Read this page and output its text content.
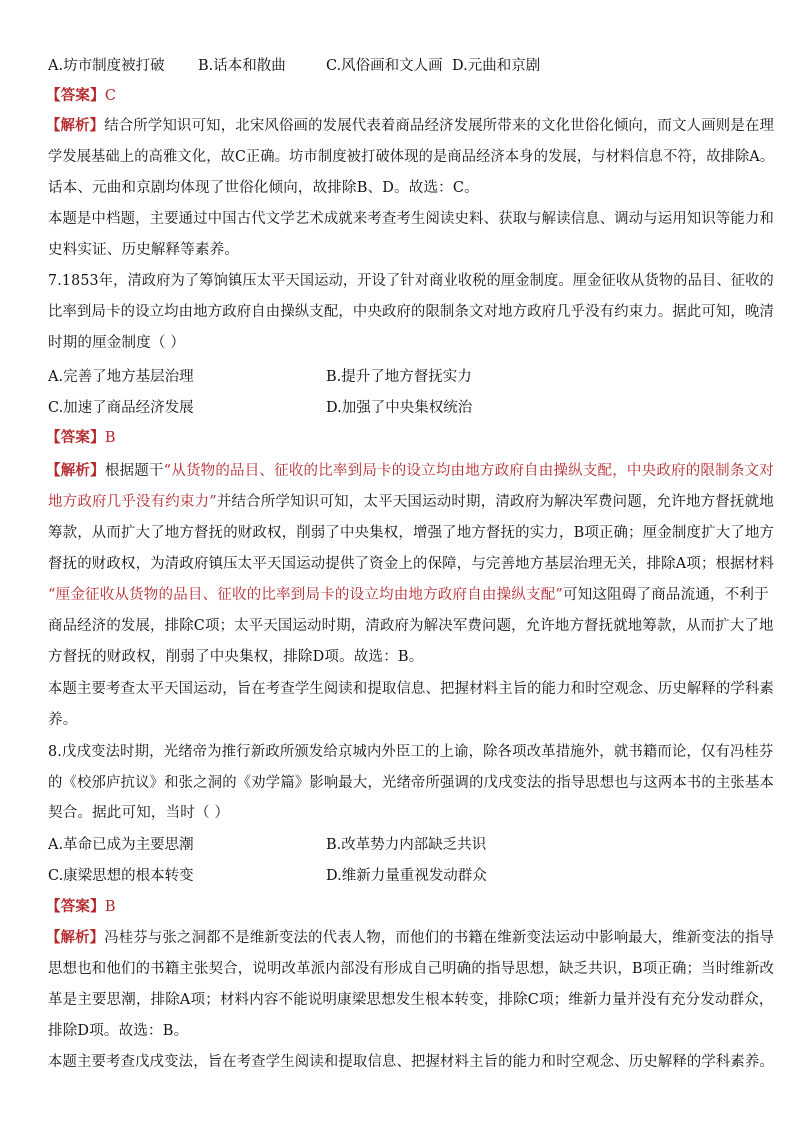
A.坊市制度被打破 B.话本和散曲	C.风俗画和文人画 D.元曲和京剧
【答案】C
【解析】结合所学知识可知，北宋风俗画的发展代表着商品经济发展所带来的文化世俗化倾向，而文人画则是在理
学发展基础上的高雅文化，故C正确。坊市制度被打破体现的是商品经济本身的发展，与材料信息不符，故排除A。
话本、元曲和京剧均体现了世俗化倾向，故排除B、D。故选：C。
本题是中档题，主要通过中国古代文学艺术成就来考查考生阅读史料、获取与解读信息、调动与运用知识等能力和
史料实证、历史解释等素养。
7.1853年，清政府为了筹饷镇压太平天国运动，开设了针对商业收税的厘金制度。厘金征收从货物的品目、征收的
比率到局卡的设立均由地方政府自由操纵支配，中央政府的限制条文对地方政府几乎没有约束力。据此可知，晚清
时期的厘金制度（ ）
A.完善了地方基层治理	B.提升了地方督抚实力
C.加速了商品经济发展	D.加强了中央集权统治
【答案】B
【解析】根据题干“从货物的品目、征收的比率到局卡的设立均由地方政府自由操纵支配，中央政府的限制条文对
地方政府几乎没有约束力”并结合所学知识可知，太平天国运动时期，清政府为解决军费问题，允许地方督抚就地
筹款，从而扩大了地方督抚的财政权，削弱了中央集权，增强了地方督抚的实力，B项正确；厘金制度扩大了地方
督抚的财政权，为清政府镇压太平天国运动提供了资金上的保障，与完善地方基层治理无关，排除A项；根据材料
“厘金征收从货物的品目、征收的比率到局卡的设立均由地方政府自由操纵支配”可知这阻碍了商品流通，不利于
商品经济的发展，排除C项；太平天国运动时期，清政府为解决军费问题，允许地方督抚就地筹款，从而扩大了地
方督抚的财政权，削弱了中央集权，排除D项。故选：B。
本题主要考查太平天国运动，旨在考查学生阅读和提取信息、把握材料主旨的能力和时空观念、历史解释的学科素
养。
8.戊戌变法时期，光绪帝为推行新政所颁发给京城内外臣工的上谕，除各项改革措施外，就书籍而论，仅有冯桂芬
的《校邠庐抗议》和张之洞的《劝学篇》影响最大，光绪帝所强调的戊戌变法的指导思想也与这两本书的主张基本
契合。据此可知，当时（ ）
A.革命已成为主要思潮	B.改革势力内部缺乏共识
C.康梁思想的根本转变	D.维新力量重视发动群众
【答案】B
【解析】冯桂芬与张之洞都不是维新变法的代表人物，而他们的书籍在维新变法运动中影响最大，维新变法的指导
思想也和他们的书籍主张契合，说明改革派内部没有形成自己明确的指导思想，缺乏共识，B项正确；当时维新改
革是主要思潮，排除A项；材料内容不能说明康梁思想发生根本转变，排除C项；维新力量并没有充分发动群众，
排除D项。故选：B。
本题主要考查戊戌变法，旨在考查学生阅读和提取信息、把握材料主旨的能力和时空观念、历史解释的学科素养。
